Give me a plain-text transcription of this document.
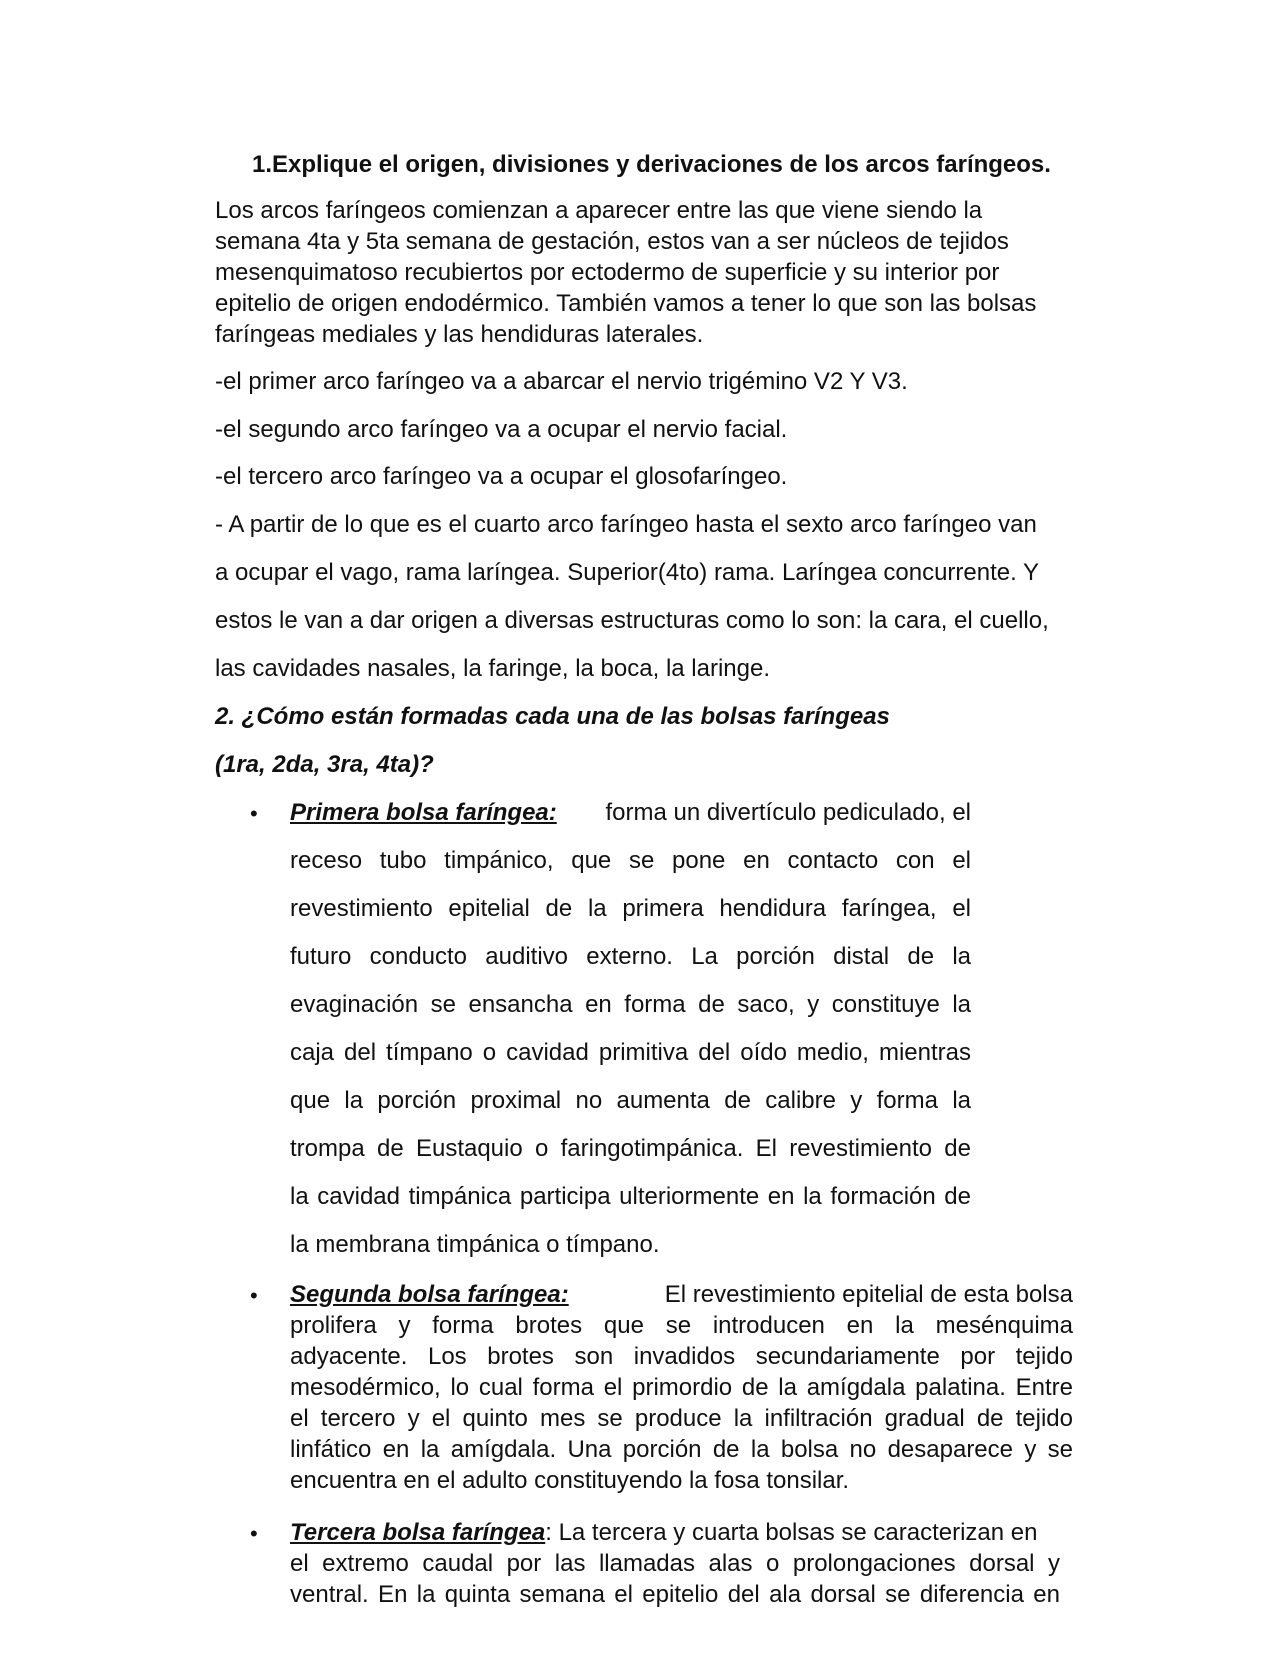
1.Explique el origen, divisiones y derivaciones de los arcos faríngeos.

Los arcos faríngeos comienzan a aparecer entre las que viene siendo la

semana 4ta y 5ta semana de gestación, estos van a ser núcleos de tejidos

mesenquimatoso recubiertos por ectodermo de superficie y su interior por

epitelio de origen endodérmico. También vamos a tener lo que son las bolsas

faríngeas mediales y las hendiduras laterales.

-el primer arco faríngeo va a abarcar el nervio trigémino V2 Y V3.

-el segundo arco faríngeo va a ocupar el nervio facial.

-el tercero arco faríngeo va a ocupar el glosofaríngeo.

- A partir de lo que es el cuarto arco faríngeo hasta el sexto arco faríngeo van

a ocupar el vago, rama laríngea. Superior(4to) rama. Laríngea concurrente. Y

estos le van a dar origen a diversas estructuras como lo son: la cara, el cuello,

las cavidades nasales, la faringe, la boca, la laringe.

2. ¿Cómo están formadas cada una de las bolsas faríngeas

(1ra, 2da, 3ra, 4ta)?

• Primera bolsa faríngea: forma un divertículo pediculado, el

receso tubo timpánico, que se pone en contacto con el

revestimiento epitelial de la primera hendidura faríngea, el

futuro conducto auditivo externo. La porción distal de la

evaginación se ensancha en forma de saco, y constituye la

caja del tímpano o cavidad primitiva del oído medio, mientras

que la porción proximal no aumenta de calibre y forma la

trompa de Eustaquio o faringotimpánica. El revestimiento de

la cavidad timpánica participa ulteriormente en la formación de

la membrana timpánica o tímpano.

• Segunda bolsa faríngea:	El revestimiento epitelial de esta bolsa

prolifera y forma brotes que se introducen en la mesénquima

adyacente. Los brotes son invadidos secundariamente por tejido

mesodérmico, lo cual forma el primordio de la amígdala palatina. Entre

el tercero y el quinto mes se produce la infiltración gradual de tejido

linfático en la amígdala. Una porción de la bolsa no desaparece y se

encuentra en el adulto constituyendo la fosa tonsilar.

• Tercera bolsa faríngea : La tercera y cuarta bolsas se caracterizan en

el extremo caudal por las llamadas alas o prolongaciones dorsal y

ventral. En la quinta semana el epitelio del ala dorsal se diferencia en
